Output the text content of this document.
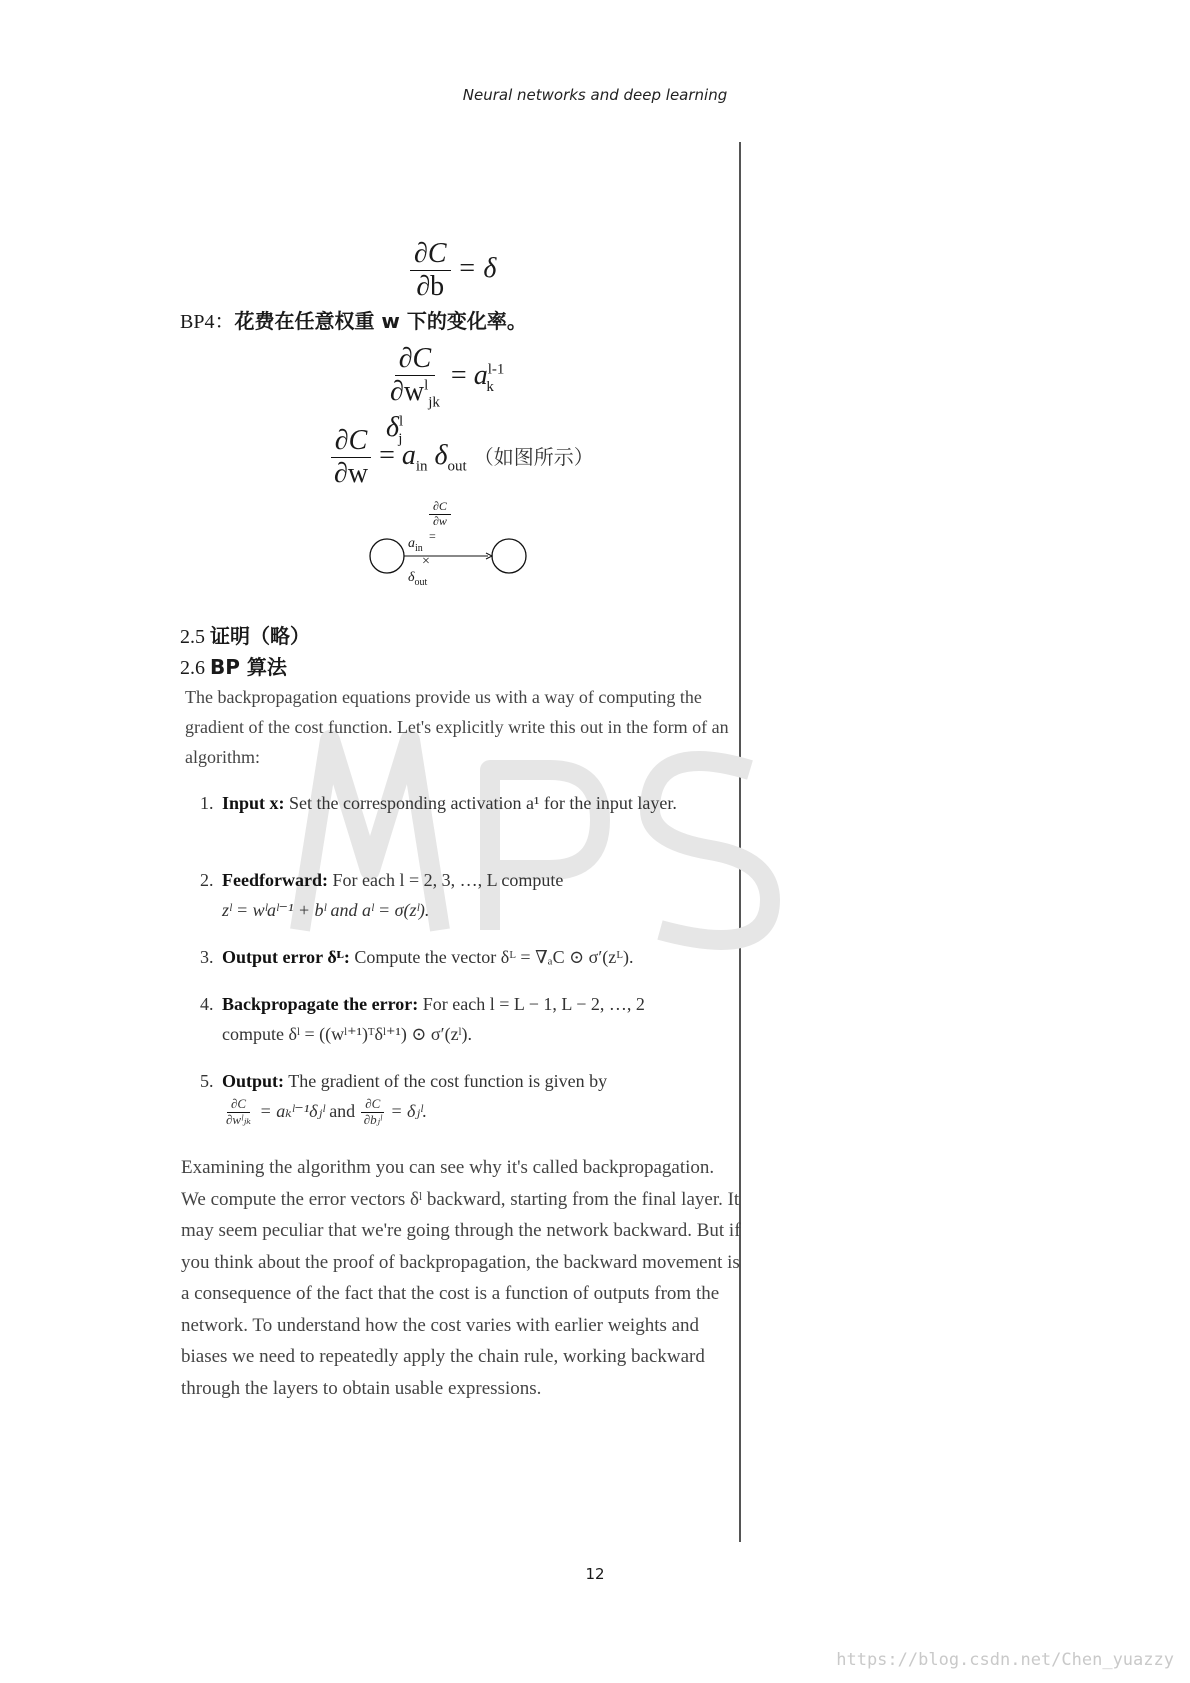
Neural networks and deep learning
$\frac{\partial C}{\partial b} = \delta$
BP4：花费在任意权重 w 下的变化率。
$\frac{\partial C}{\partial w^l_{jk}} = a^{l-1}_k$ $\delta^l_j$
$\frac{\partial C}{\partial w} = a_{in}$ $\delta_{out}$ （如图所示）
$\frac{\partial C}{\partial w}$
=
$a_{in} \times \delta_{out}$
2.5 证明（略）
2.6 BP 算法
The backpropagation equations provide us with a way of computing the gradient of the cost function. Let's explicitly write this out in the form of an algorithm:
1. Input x: Set the corresponding activation a¹ for the input layer.
2. Feedforward: For each l = 2, 3, …, L compute
zˡ = wˡaˡ⁻¹ + bˡ and aˡ = σ(zˡ).
3. Output error δᴸ: Compute the vector δᴸ = ∇ₐC ⊙ σ′(zᴸ).
4. Backpropagate the error: For each l = L − 1, L − 2, …, 2
compute δˡ = ((wˡ⁺¹)ᵀδˡ⁺¹) ⊙ σ′(zˡ).
5. Output: The gradient of the cost function is given by

$\frac{\partial C}{\text{∂wˡⱼₖ}}$ = aₖˡ⁻¹δⱼˡ and $\frac{\partial C}{\text{∂bⱼˡ}}$ = δⱼˡ.
Examining the algorithm you can see why it's called backpropagation. We compute the error vectors δˡ backward, starting from the final layer. It may seem peculiar that we're going through the network backward. But if you think about the proof of backpropagation, the backward movement is a consequence of the fact that the cost is a function of outputs from the network. To understand how the cost varies with earlier weights and biases we need to repeatedly apply the chain rule, working backward through the layers to obtain usable expressions.
12
https://blog.csdn.net/Chen_yuazzy
